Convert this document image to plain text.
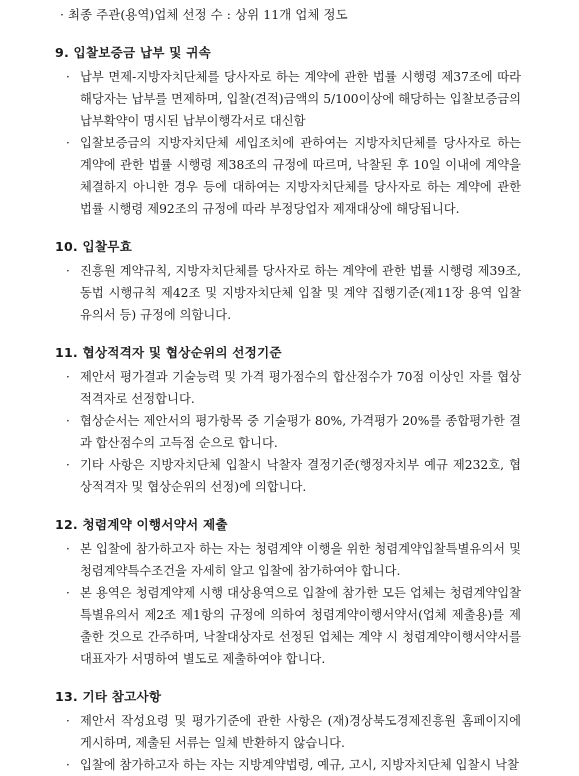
· 최종 주관(용역)업체 선정 수 : 상위 11개 업체 정도
9. 입찰보증금 납부 및 귀속
· 납부 면제-지방자치단체를 당사자로 하는 계약에 관한 법률 시행령 제37조에 따라 해당자는 납부를 면제하며, 입찰(견적)금액의 5/100이상에 해당하는 입찰보증금의 납부확약이 명시된 납부이행각서로 대신함
· 입찰보증금의 지방자치단체 세입조치에 관하여는 지방자치단체를 당사자로 하는 계약에 관한 법률 시행령 제38조의 규정에 따르며, 낙찰된 후 10일 이내에 계약을 체결하지 아니한 경우 등에 대하여는 지방자치단체를 당사자로 하는 계약에 관한 법률 시행령 제92조의 규정에 따라 부정당업자 제재대상에 해당됩니다.
10. 입찰무효
· 진흥원 계약규칙, 지방자치단체를 당사자로 하는 계약에 관한 법률 시행령 제39조, 동법 시행규칙 제42조 및 지방자치단체 입찰 및 계약 집행기준(제11장 용역 입찰유의서 등) 규정에 의함니다.
11. 협상적격자 및 협상순위의 선정기준
· 제안서 평가결과 기술능력 및 가격 평가점수의 합산점수가 70점 이상인 자를 협상적격자로 선정합니다.
· 협상순서는 제안서의 평가항목 중 기술평가 80%, 가격평가 20%를 종합평가한 결과 합산점수의 고득점 순으로 합니다.
· 기타 사항은 지방자치단체 입찰시 낙찰자 결정기준(행정자치부 예규 제232호, 협상적격자 및 협상순위의 선정)에 의합니다.
12. 청렴계약 이행서약서 제출
· 본 입찰에 참가하고자 하는 자는 청렴계약 이행을 위한 청렴계약입찰특별유의서 및 청렴계약특수조건을 자세히 알고 입찰에 참가하여야 합니다.
· 본 용역은 청렴계약제 시행 대상용역으로 입찰에 참가한 모든 업체는 청렴계약입찰특별유의서 제2조 제1항의 규정에 의하여 청렴계약이행서약서(업체 제출용)를 제출한 것으로 간주하며, 낙찰대상자로 선정된 업체는 계약 시 청렴계약이행서약서를 대표자가 서명하여 별도로 제출하여야 합니다.
13. 기타 참고사항
· 제안서 작성요령 및 평가기준에 관한 사항은 (재)경상북도경제진흥원 홈페이지에 게시하며, 제출된 서류는 일체 반환하지 않습니다.
· 입찰에 참가하고자 하는 자는 지방계약법령, 예규, 고시, 지방자치단체 입찰시 낙찰
